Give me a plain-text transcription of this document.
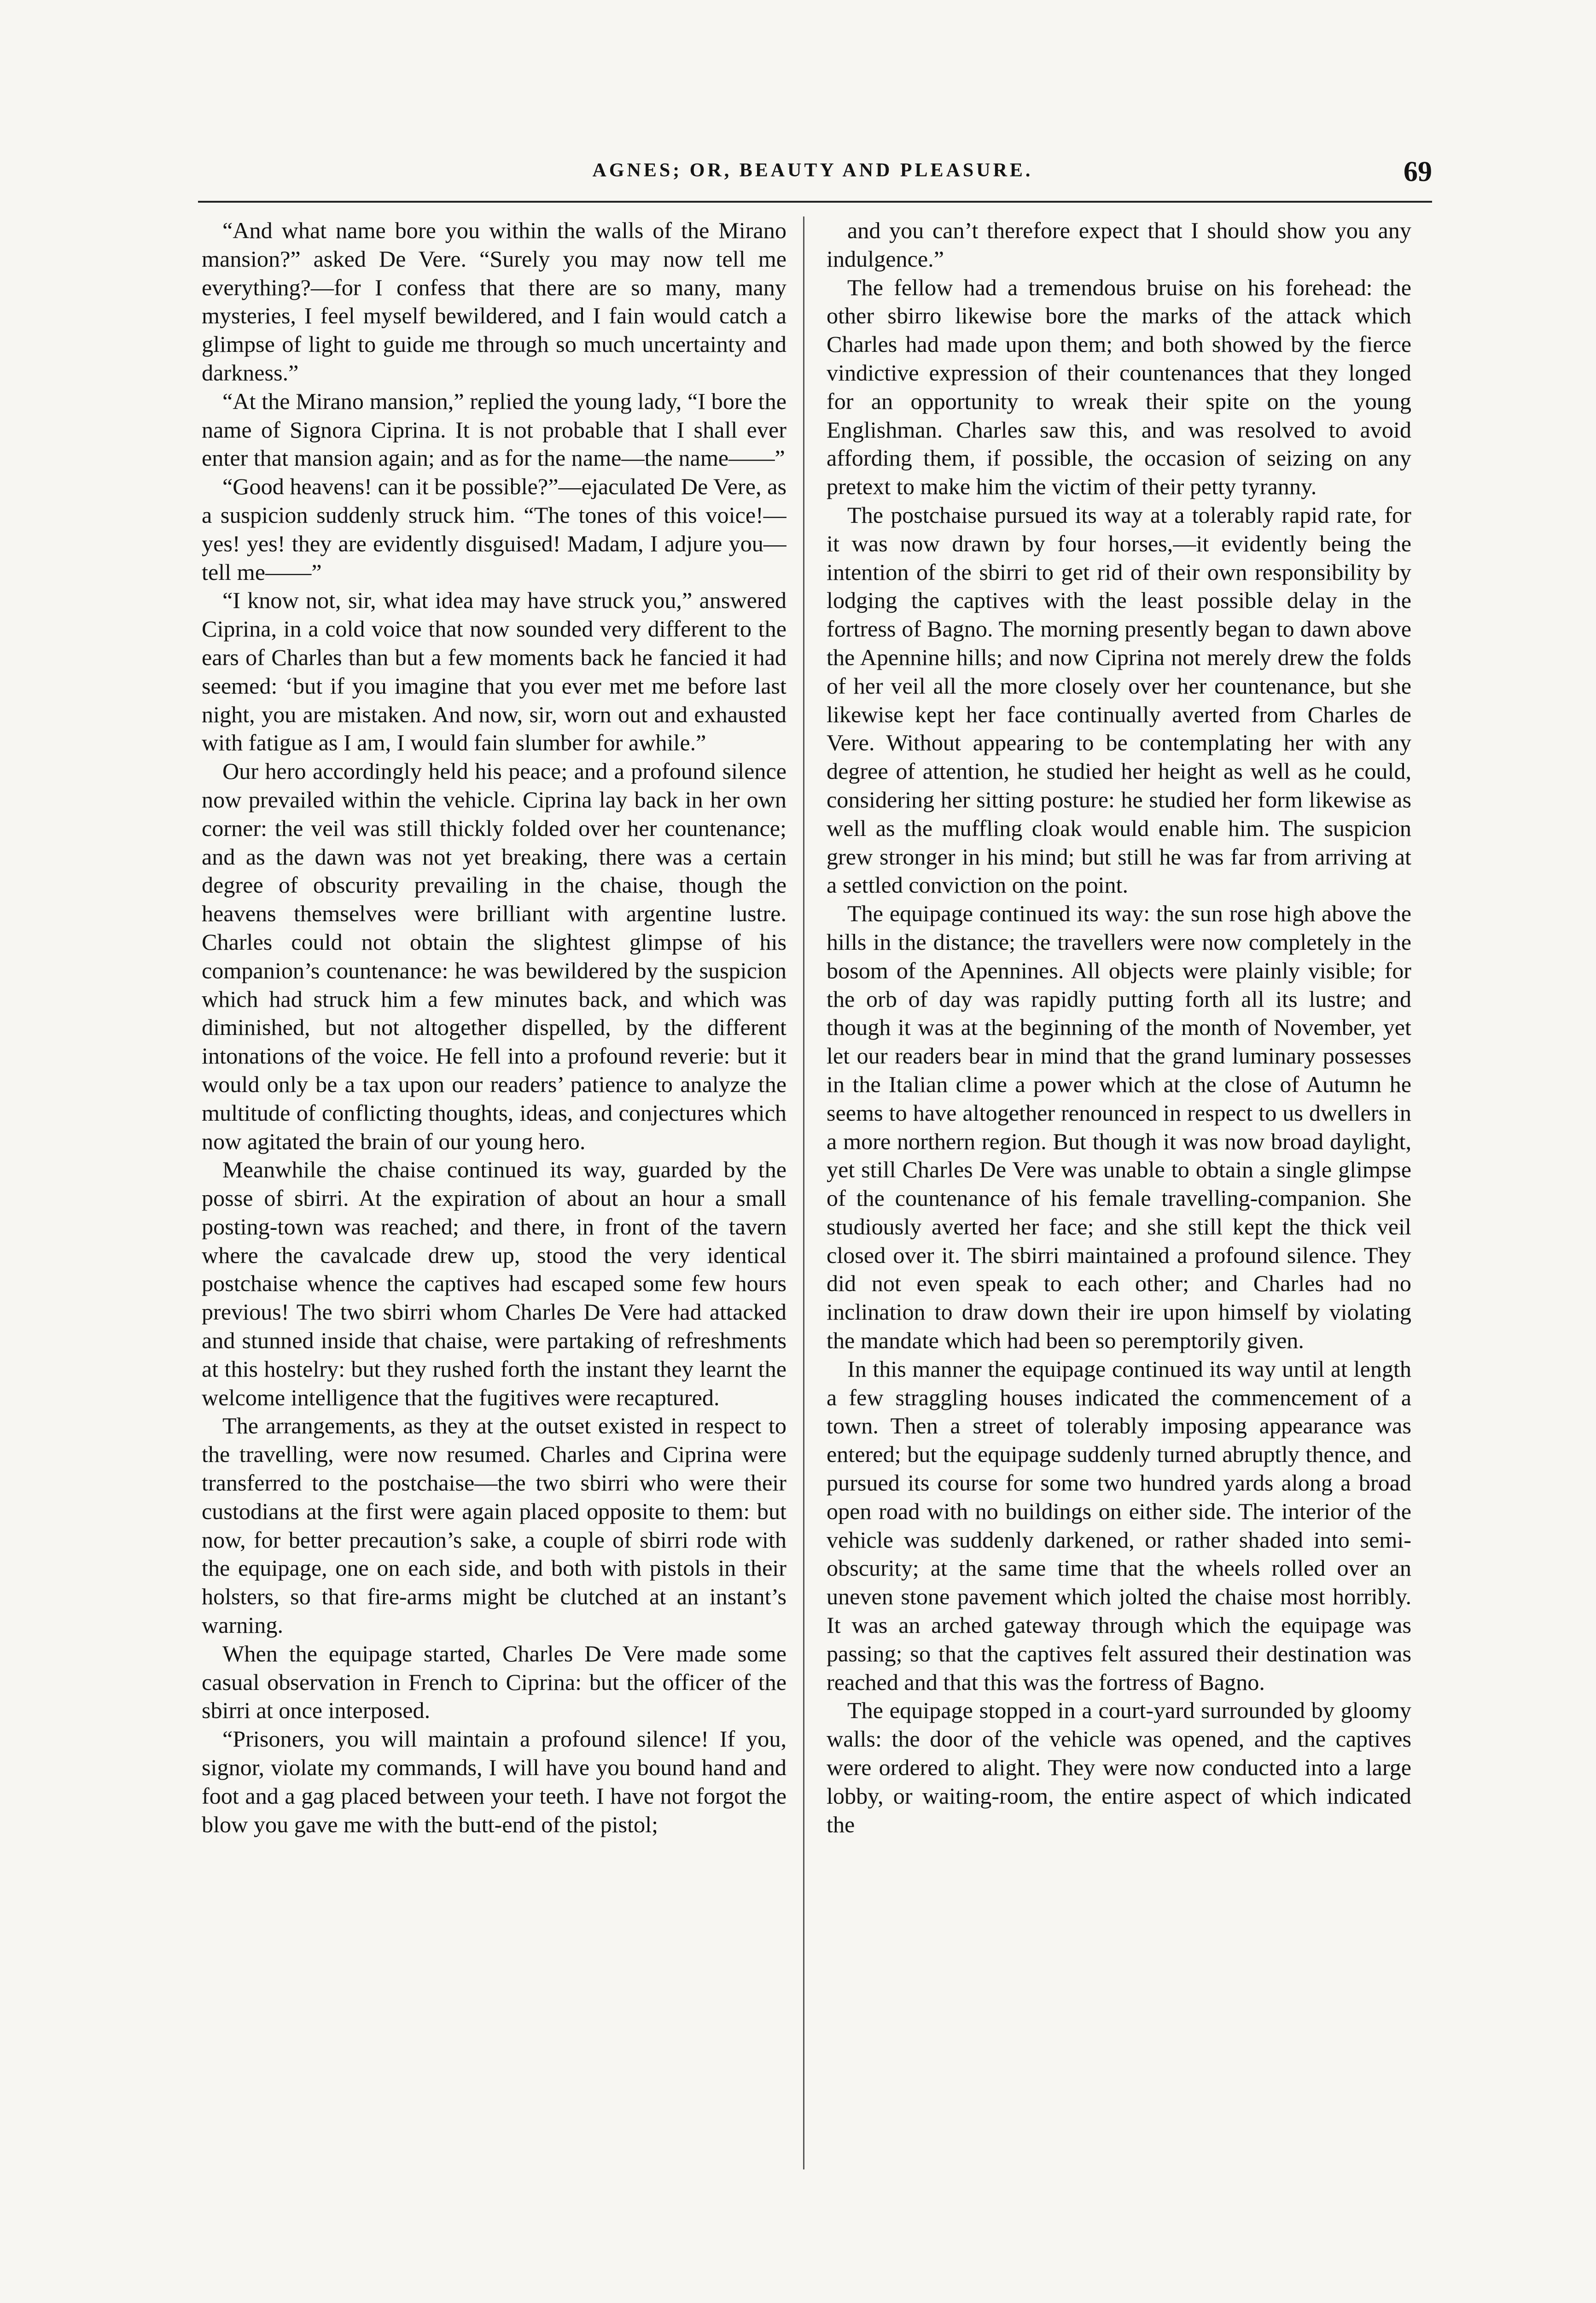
AGNES; OR, BEAUTY AND PLEASURE.	69

“And what name bore you within the walls of the Mirano mansion?” asked De Vere. “Surely you may now tell me everything?—for I confess that there are so many, many mysteries, I feel myself bewildered, and I fain would catch a glimpse of light to guide me through so much uncertainty and darkness.”

“At the Mirano mansion,” replied the young lady, “I bore the name of Signora Ciprina. It is not probable that I shall ever enter that mansion again; and as for the name—the name——”

“Good heavens! can it be possible?”—ejaculated De Vere, as a suspicion suddenly struck him. “The tones of this voice!—yes! yes! they are evidently disguised! Madam, I adjure you—tell me——”

“I know not, sir, what idea may have struck you,” answered Ciprina, in a cold voice that now sounded very different to the ears of Charles than but a few moments back he fancied it had seemed: ‘but if you imagine that you ever met me before last night, you are mistaken. And now, sir, worn out and exhausted with fatigue as I am, I would fain slumber for awhile.”

Our hero accordingly held his peace; and a profound silence now prevailed within the vehicle. Ciprina lay back in her own corner: the veil was still thickly folded over her countenance; and as the dawn was not yet breaking, there was a certain degree of obscurity prevailing in the chaise, though the heavens themselves were brilliant with argentine lustre. Charles could not obtain the slightest glimpse of his companion’s countenance: he was bewildered by the suspicion which had struck him a few minutes back, and which was diminished, but not altogether dispelled, by the different intonations of the voice. He fell into a profound reverie: but it would only be a tax upon our readers’ patience to analyze the multitude of conflicting thoughts, ideas, and conjectures which now agitated the brain of our young hero.

Meanwhile the chaise continued its way, guarded by the posse of sbirri. At the expiration of about an hour a small posting-town was reached; and there, in front of the tavern where the cavalcade drew up, stood the very identical postchaise whence the captives had escaped some few hours previous! The two sbirri whom Charles De Vere had attacked and stunned inside that chaise, were partaking of refreshments at this hostelry: but they rushed forth the instant they learnt the welcome intelligence that the fugitives were recaptured.

The arrangements, as they at the outset existed in respect to the travelling, were now resumed. Charles and Ciprina were transferred to the postchaise—the two sbirri who were their custodians at the first were again placed opposite to them: but now, for better precaution’s sake, a couple of sbirri rode with the equipage, one on each side, and both with pistols in their holsters, so that fire-arms might be clutched at an instant’s warning.

When the equipage started, Charles De Vere made some casual observation in French to Ciprina: but the officer of the sbirri at once interposed.

“Prisoners, you will maintain a profound silence! If you, signor, violate my commands, I will have you bound hand and foot and a gag placed between your teeth. I have not forgot the blow you gave me with the butt-end of the pistol;

and you can’t therefore expect that I should show you any indulgence.”

The fellow had a tremendous bruise on his forehead: the other sbirro likewise bore the marks of the attack which Charles had made upon them; and both showed by the fierce vindictive expression of their countenances that they longed for an opportunity to wreak their spite on the young Englishman. Charles saw this, and was resolved to avoid affording them, if possible, the occasion of seizing on any pretext to make him the victim of their petty tyranny.

The postchaise pursued its way at a tolerably rapid rate, for it was now drawn by four horses,—it evidently being the intention of the sbirri to get rid of their own responsibility by lodging the captives with the least possible delay in the fortress of Bagno. The morning presently began to dawn above the Apennine hills; and now Ciprina not merely drew the folds of her veil all the more closely over her countenance, but she likewise kept her face continually averted from Charles de Vere. Without appearing to be contemplating her with any degree of attention, he studied her height as well as he could, considering her sitting posture: he studied her form likewise as well as the muffling cloak would enable him. The suspicion grew stronger in his mind; but still he was far from arriving at a settled conviction on the point.

The equipage continued its way: the sun rose high above the hills in the distance; the travellers were now completely in the bosom of the Apennines. All objects were plainly visible; for the orb of day was rapidly putting forth all its lustre; and though it was at the beginning of the month of November, yet let our readers bear in mind that the grand luminary possesses in the Italian clime a power which at the close of Autumn he seems to have altogether renounced in respect to us dwellers in a more northern region. But though it was now broad daylight, yet still Charles De Vere was unable to obtain a single glimpse of the countenance of his female travelling-companion. She studiously averted her face; and she still kept the thick veil closed over it. The sbirri maintained a profound silence. They did not even speak to each other; and Charles had no inclination to draw down their ire upon himself by violating the mandate which had been so peremptorily given.

In this manner the equipage continued its way until at length a few straggling houses indicated the commencement of a town. Then a street of tolerably imposing appearance was entered; but the equipage suddenly turned abruptly thence, and pursued its course for some two hundred yards along a broad open road with no buildings on either side. The interior of the vehicle was suddenly darkened, or rather shaded into semi-obscurity; at the same time that the wheels rolled over an uneven stone pavement which jolted the chaise most horribly. It was an arched gateway through which the equipage was passing; so that the captives felt assured their destination was reached and that this was the fortress of Bagno.

The equipage stopped in a court-yard surrounded by gloomy walls: the door of the vehicle was opened, and the captives were ordered to alight. They were now conducted into a large lobby, or waiting-room, the entire aspect of which indicated the
